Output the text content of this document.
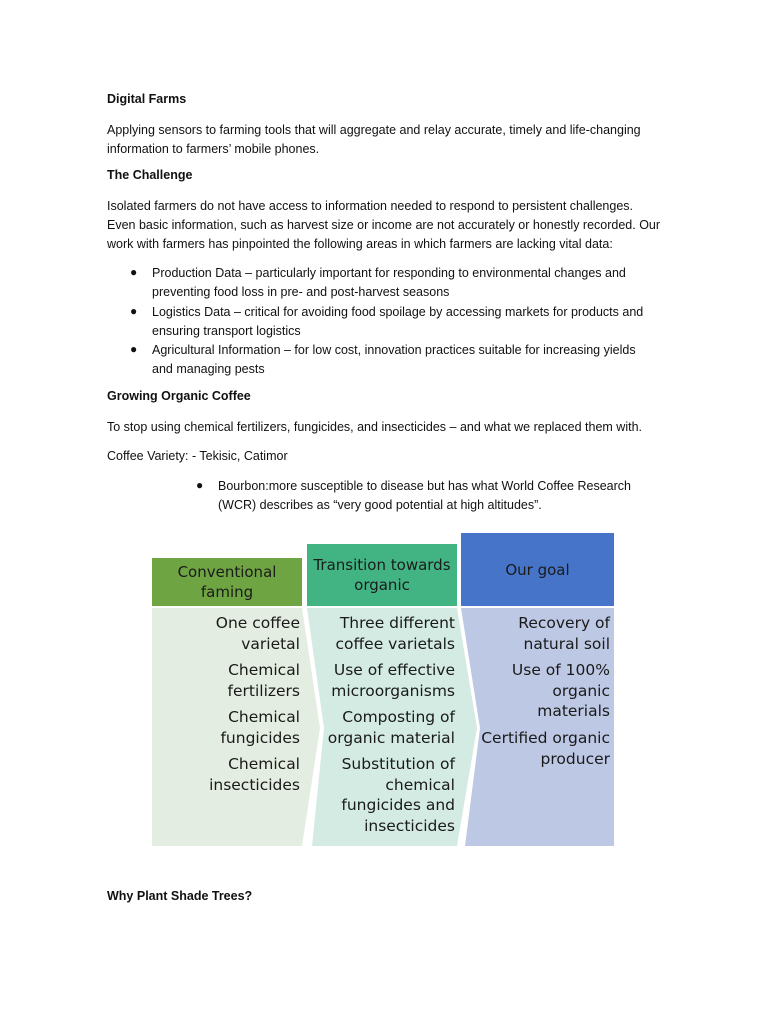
Digital Farms
Applying sensors to farming tools that will aggregate and relay accurate, timely and life-changing information to farmers’ mobile phones.
The Challenge
Isolated farmers do not have access to information needed to respond to persistent challenges. Even basic information, such as harvest size or income are not accurately or honestly recorded. Our work with farmers has pinpointed the following areas in which farmers are lacking vital data:
● Production Data – particularly important for responding to environmental changes and preventing food loss in pre- and post-harvest seasons
● Logistics Data – critical for avoiding food spoilage by accessing markets for products and ensuring transport logistics
● Agricultural Information – for low cost, innovation practices suitable for increasing yields and managing pests
Growing Organic Coffee
To stop using chemical fertilizers, fungicides, and insecticides – and what we replaced them with.
Coffee Variety: - Tekisic, Catimor
● Bourbon:more susceptible to disease but has what World Coffee Research (WCR) describes as “very good potential at high altitudes”.
Conventional faming
Transition towards organic
Our goal
One coffee varietal
Chemical fertilizers
Chemical fungicides
Chemical insecticides
Three different coffee varietals
Use of effective microorganisms
Composting of organic material
Substitution of chemical fungicides and insecticides
Recovery of natural soil
Use of 100% organic materials
Certified organic producer
Why Plant Shade Trees?
